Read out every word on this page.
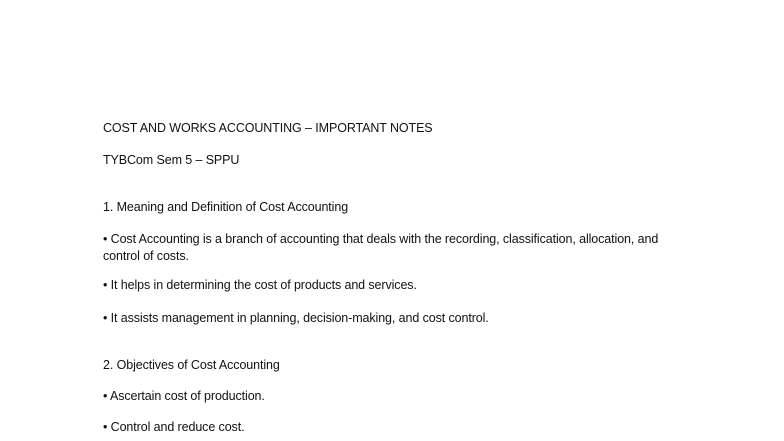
COST AND WORKS ACCOUNTING – IMPORTANT NOTES
TYBCom Sem 5 – SPPU
1. Meaning and Definition of Cost Accounting
• Cost Accounting is a branch of accounting that deals with the recording, classification, allocation, and control of costs.
• It helps in determining the cost of products and services.
• It assists management in planning, decision-making, and cost control.
2. Objectives of Cost Accounting
• Ascertain cost of production.
• Control and reduce cost.
